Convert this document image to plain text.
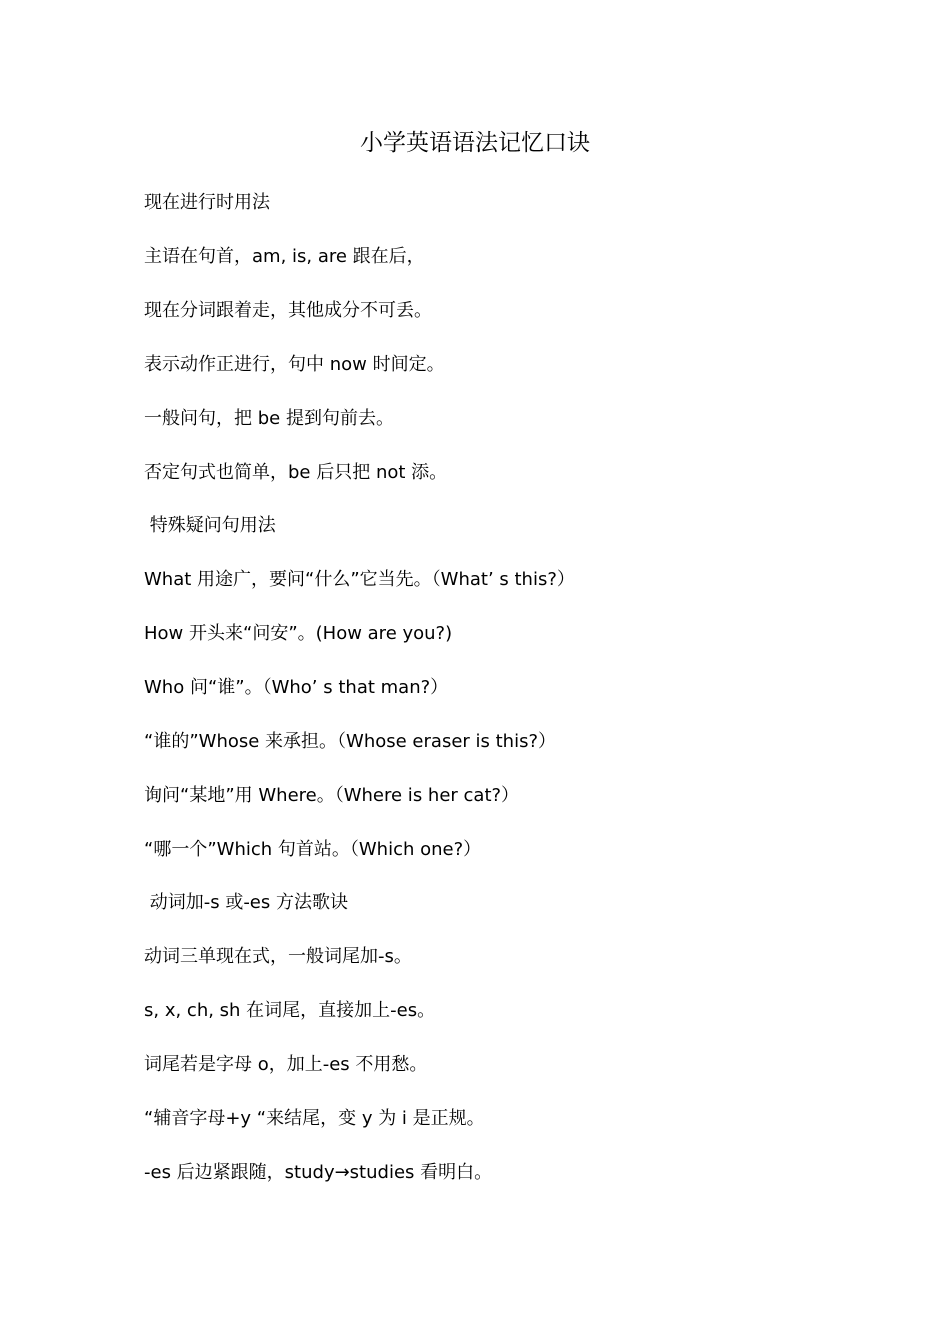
小学英语语法记忆口诀
现在进行时用法
主语在句首，am, is, are 跟在后，
现在分词跟着走，其他成分不可丢。
表示动作正进行，句中 now 时间定。
一般问句，把 be 提到句前去。
否定句式也简单，be 后只把 not 添。
特殊疑问句用法
What 用途广，要问“什么”它当先。（What’ s this?）
How 开头来“问安”。(How are you?)
Who 问“谁”。（Who’ s that man?）
“谁的”Whose 来承担。（Whose eraser is this?）
询问“某地”用 Where。（Where is her cat?）
“哪一个”Which 句首站。（Which one?）
动词加-s 或-es 方法歌诀
动词三单现在式，一般词尾加-s。
s, x, ch, sh 在词尾，直接加上-es。
词尾若是字母 o，加上-es 不用愁。
“辅音字母+y “来结尾，变 y 为 i 是正规。
-es 后边紧跟随，study→studies 看明白。
